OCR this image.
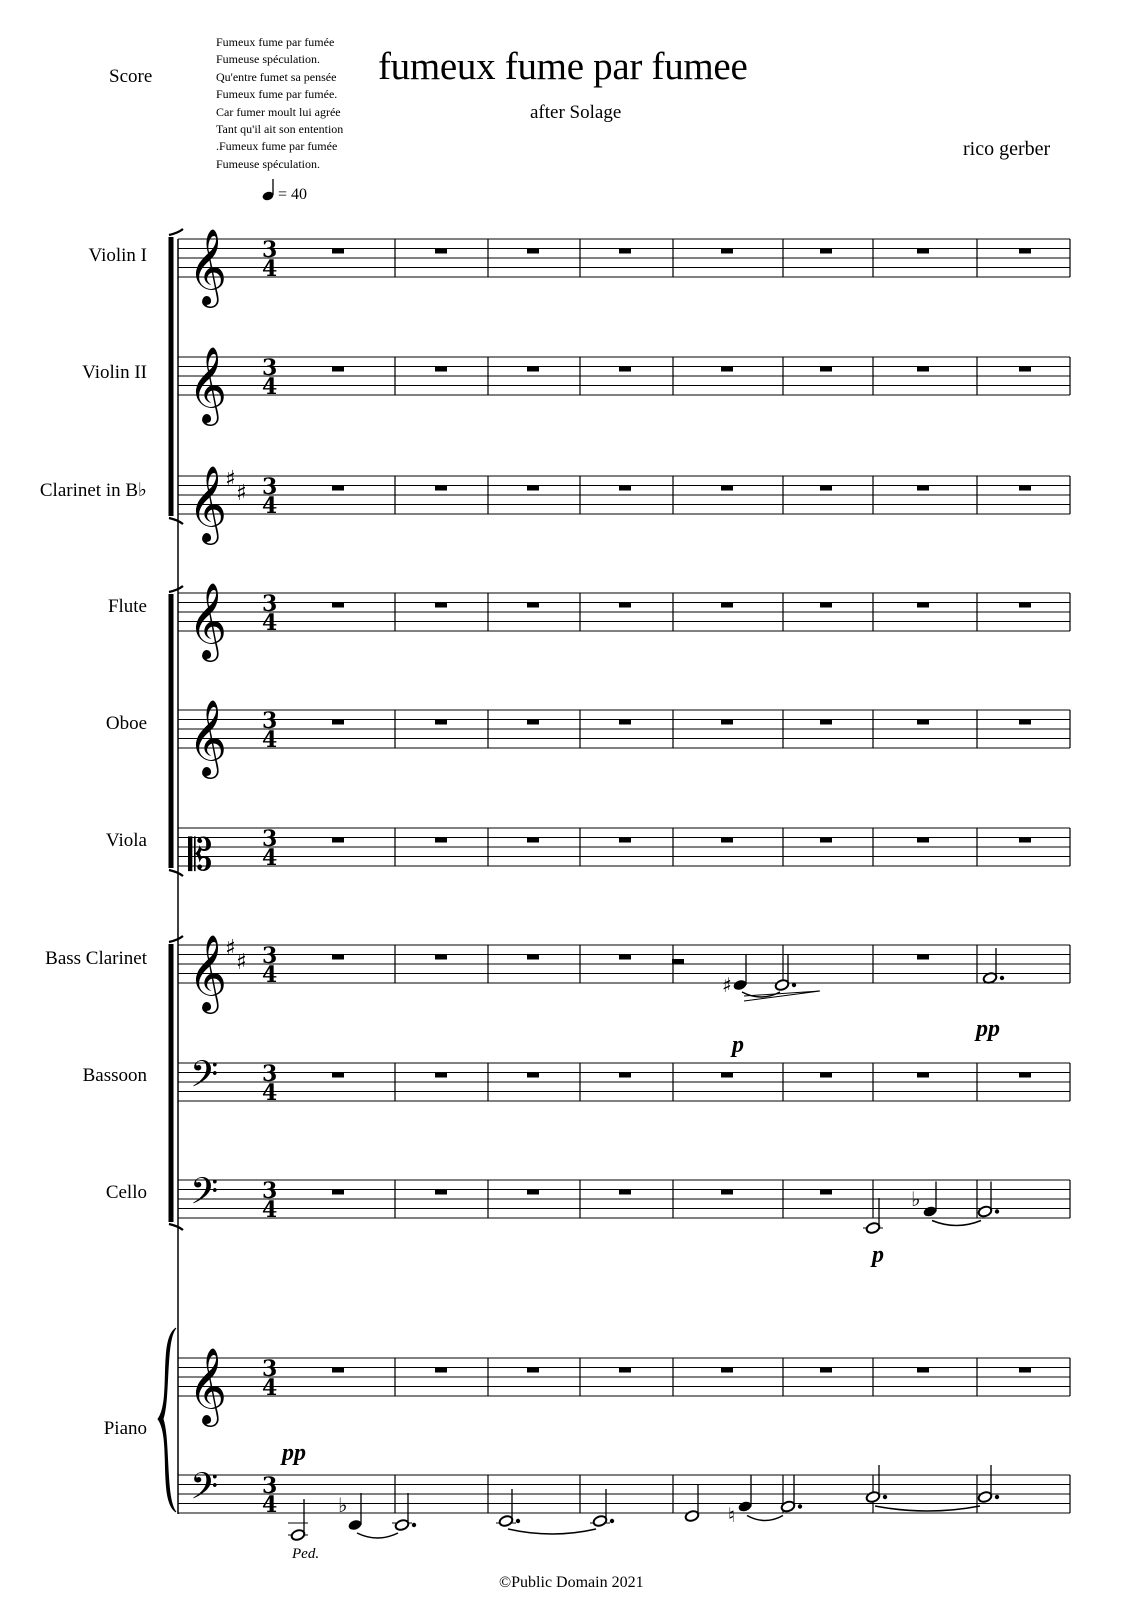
Score
Fumeux fume par fumée
Fumeuse spéculation.
Qu'entre fumet sa pensée
Fumeux fume par fumée.
Car fumer moult lui agrée
Tant qu'il ait son entention
.Fumeux fume par fumée
Fumeuse spéculation.
fumeux fume par fumee
after Solage
rico gerber
= 40
Violin I
Violin II
Clarinet in B♭
Flute
Oboe
Viola
Bass Clarinet
Bassoon
Cello
Piano
𝄞 3
4
𝄞 3
4
𝄞
♯
♯ 3
4
𝄞 3
4
𝄞 3
4
𝄡 3
4
𝄞
♯
♯ 3
4
𝄢 3
4
𝄢 3
4
𝄞 3
4
𝄢 3
4
♯
♭
♭	♮
pp
p
pp
p
Ped.
©Public Domain 2021
